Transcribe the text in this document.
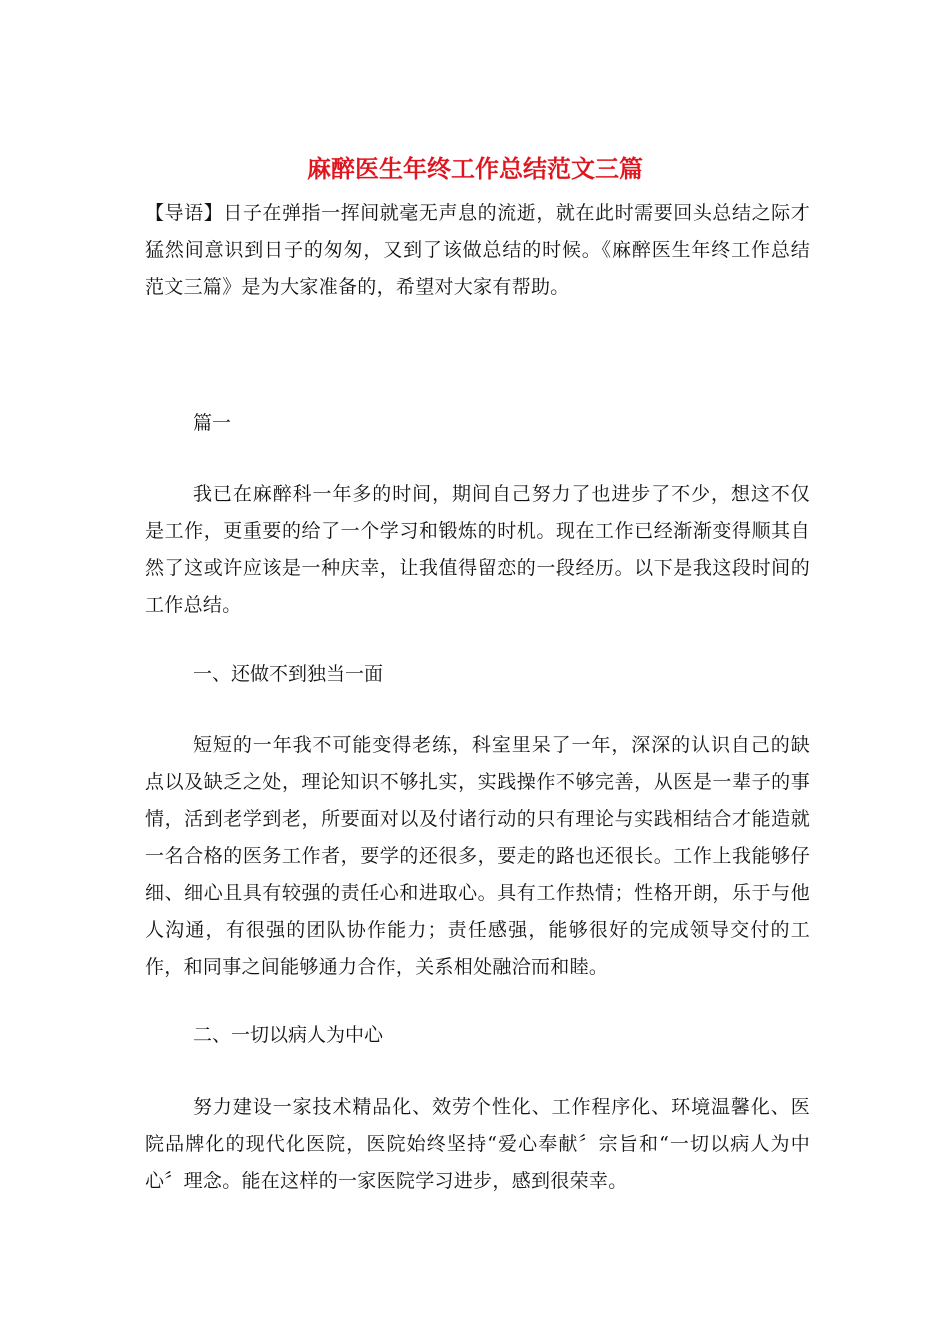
麻醉医生年终工作总结范文三篇

【导语】日子在弹指一挥间就毫无声息的流逝，就在此时需要回头总结之际才猛然间意识到日子的匆匆，又到了该做总结的时候。《麻醉医生年终工作总结范文三篇》是为大家准备的，希望对大家有帮助。

篇一

我已在麻醉科一年多的时间，期间自己努力了也进步了不少，想这不仅是工作，更重要的给了一个学习和锻炼的时机。现在工作已经渐渐变得顺其自然了这或许应该是一种庆幸，让我值得留恋的一段经历。以下是我这段时间的工作总结。

一、还做不到独当一面

短短的一年我不可能变得老练，科室里呆了一年，深深的认识自己的缺点以及缺乏之处，理论知识不够扎实，实践操作不够完善，从医是一辈子的事情，活到老学到老，所要面对以及付诸行动的只有理论与实践相结合才能造就一名合格的医务工作者，要学的还很多，要走的路也还很长。工作上我能够仔细、细心且具有较强的责任心和进取心。具有工作热情；性格开朗，乐于与他人沟通，有很强的团队协作能力；责任感强，能够很好的完成领导交付的工作，和同事之间能够通力合作，关系相处融洽而和睦。

二、一切以病人为中心

努力建设一家技术精品化、效劳个性化、工作程序化、环境温馨化、医院品牌化的现代化医院，医院始终坚持“爱心奉献〞宗旨和“一切以病人为中心〞理念。能在这样的一家医院学习进步，感到很荣幸。
